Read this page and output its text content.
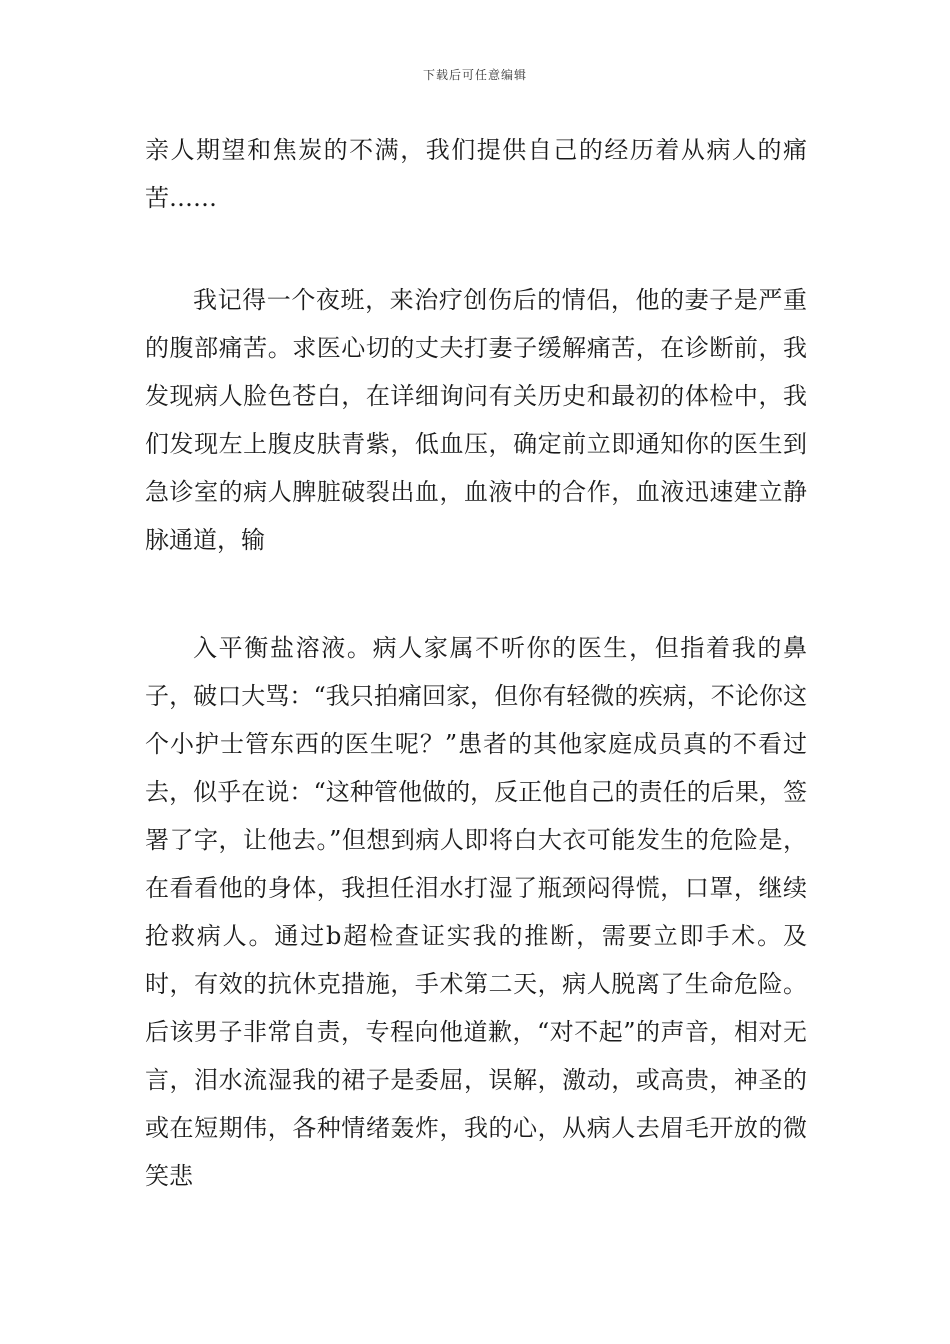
下载后可任意编辑

亲人期望和焦炭的不满，我们提供自己的经历着从病人的痛苦……

我记得一个夜班，来治疗创伤后的情侣，他的妻子是严重的腹部痛苦。求医心切的丈夫打妻子缓解痛苦，在诊断前，我发现病人脸色苍白，在详细询问有关历史和最初的体检中，我们发现左上腹皮肤青紫，低血压，确定前立即通知你的医生到急诊室的病人脾脏破裂出血，血液中的合作，血液迅速建立静脉通道，输

入平衡盐溶液。病人家属不听你的医生，但指着我的鼻子，破口大骂：“我只拍痛回家，但你有轻微的疾病，不论你这个小护士管东西的医生呢？”患者的其他家庭成员真的不看过去，似乎在说：“这种管他做的，反正他自己的责任的后果，签署了字，让他去。”但想到病人即将白大衣可能发生的危险是，在看看他的身体，我担任泪水打湿了瓶颈闷得慌，口罩，继续抢救病人。通过b超检查证实我的推断，需要立即手术。及时，有效的抗休克措施，手术第二天，病人脱离了生命危险。后该男子非常自责，专程向他道歉，“对不起”的声音，相对无言，泪水流湿我的裙子是委屈，误解，激动，或高贵，神圣的或在短期伟，各种情绪轰炸，我的心，从病人去眉毛开放的微笑悲
